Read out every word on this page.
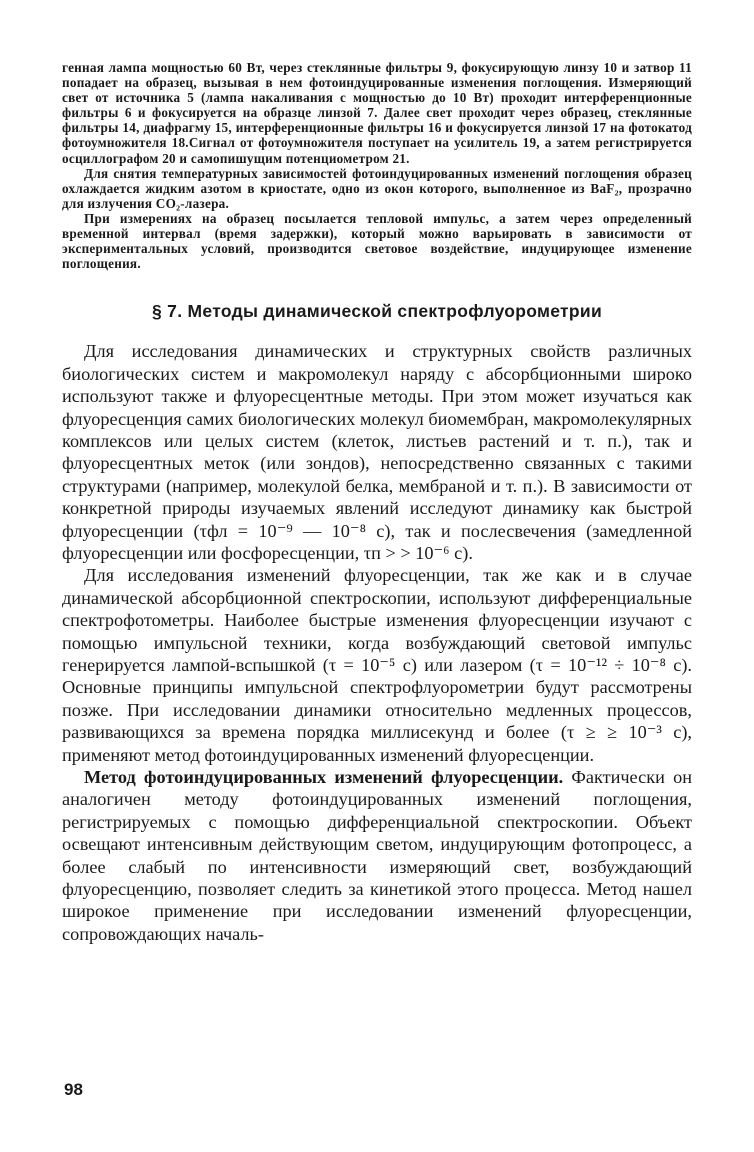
генная лампа мощностью 60 Вт, через стеклянные фильтры 9, фокусирующую линзу 10 и затвор 11 попадает на образец, вызывая в нем фотоиндуцированные изменения поглощения. Измеряющий свет от источника 5 (лампа накаливания с мощностью до 10 Вт) проходит интерференционные фильтры 6 и фокусируется на образце линзой 7. Далее свет проходит через образец, стеклянные фильтры 14, диафрагму 15, интерференционные фильтры 16 и фокусируется линзой 17 на фотокатод фотоумножителя 18.Сигнал от фотоумножителя поступает на усилитель 19, а затем регистрируется осциллографом 20 и самопишущим потенциометром 21.

Для снятия температурных зависимостей фотоиндуцированных изменений поглощения образец охлаждается жидким азотом в криостате, одно из окон которого, выполненное из BaF₂, прозрачно для излучения CO₂-лазера.

При измерениях на образец посылается тепловой импульс, а затем через определенный временной интервал (время задержки), который можно варьировать в зависимости от экспериментальных условий, производится световое воздействие, индуцирующее изменение поглощения.

§ 7. Методы динамической спектрофлуорометрии

Для исследования динамических и структурных свойств различных биологических систем и макромолекул наряду с абсорбционными широко используют также и флуоресцентные методы. При этом может изучаться как флуоресценция самих биологических молекул биомембран, макромолекулярных комплексов или целых систем (клеток, листьев растений и т. п.), так и флуоресцентных меток (или зондов), непосредственно связанных с такими структурами (например, молекулой белка, мембраной и т. п.). В зависимости от конкретной природы изучаемых явлений исследуют динамику как быстрой флуоресценции (τфл = 10⁻⁹ — 10⁻⁸ с), так и послесвечения (замедленной флуоресценции или фосфоресценции, τп > > 10⁻⁶ с).

Для исследования изменений флуоресценции, так же как и в случае динамической абсорбционной спектроскопии, используют дифференциальные спектрофотометры. Наиболее быстрые изменения флуоресценции изучают с помощью импульсной техники, когда возбуждающий световой импульс генерируется лампой-вспышкой (τ = 10⁻⁵ с) или лазером (τ = 10⁻¹² ÷ 10⁻⁸ с). Основные принципы импульсной спектрофлуорометрии будут рассмотрены позже. При исследовании динамики относительно медленных процессов, развивающихся за времена порядка миллисекунд и более (τ ≥ ≥ 10⁻³ с), применяют метод фотоиндуцированных изменений флуоресценции.

Метод фотоиндуцированных изменений флуоресценции. Фактически он аналогичен методу фотоиндуцированных изменений поглощения, регистрируемых с помощью дифференциальной спектроскопии. Объект освещают интенсивным действующим светом, индуцирующим фотопроцесс, а более слабый по интенсивности измеряющий свет, возбуждающий флуоресценцию, позволяет следить за кинетикой этого процесса. Метод нашел широкое применение при исследовании изменений флуоресценции, сопровождающих началь-

98
